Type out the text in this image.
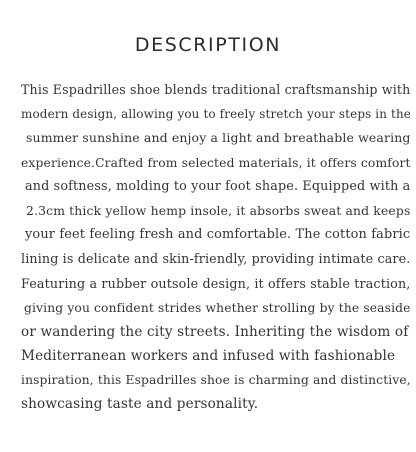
DESCRIPTION
This Espadrilles shoe blends traditional craftsmanship with
modern design, allowing you to freely stretch your steps in the
summer sunshine and enjoy a light and breathable wearing
experience.Crafted from selected materials, it offers comfort
and softness, molding to your foot shape. Equipped with a
2.3cm thick yellow hemp insole, it absorbs sweat and keeps
your feet feeling fresh and comfortable. The cotton fabric
lining is delicate and skin-friendly, providing intimate care.
Featuring a rubber outsole design, it offers stable traction,
giving you confident strides whether strolling by the seaside
or wandering the city streets. Inheriting the wisdom of
Mediterranean workers and infused with fashionable
inspiration, this Espadrilles shoe is charming and distinctive,
showcasing taste and personality.
